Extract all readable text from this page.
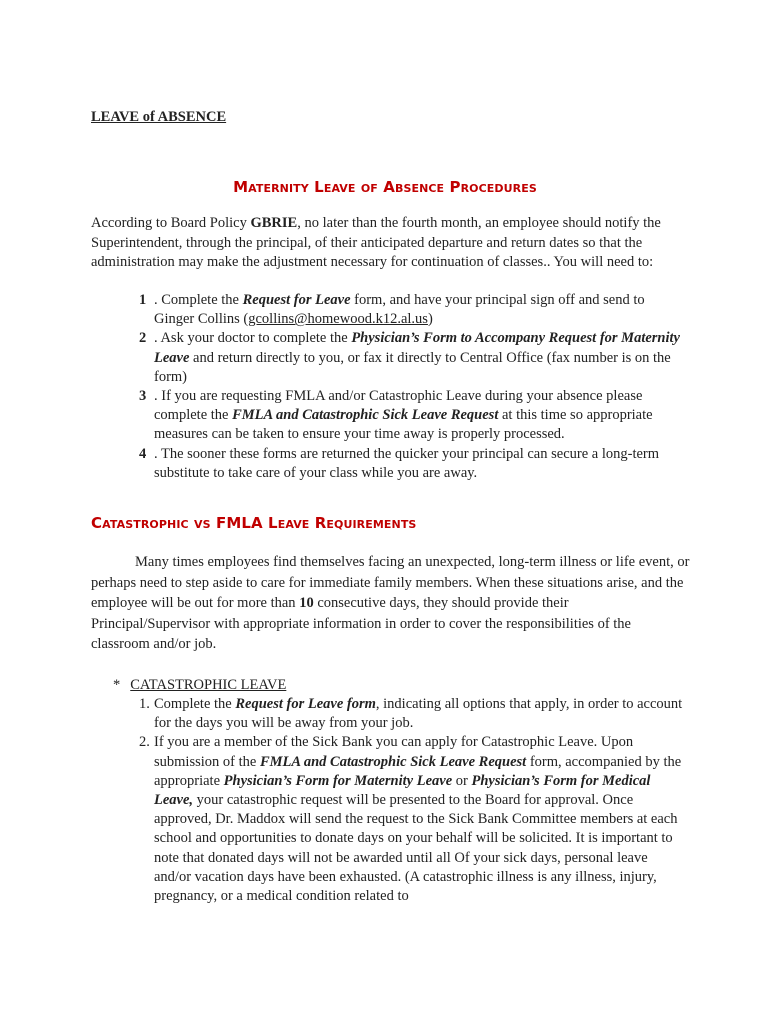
LEAVE of ABSENCE
Maternity Leave of Absence Procedures

According to Board Policy GBRIE, no later than the fourth month, an employee should notify the Superintendent, through the principal, of their anticipated departure and return dates so that the administration may make the adjustment necessary for continuation of classes.. You will need to:

1 . Complete the Request for Leave form, and have your principal sign off and send to Ginger Collins (gcollins@homewood.k12.al.us)
2 . Ask your doctor to complete the Physician’s Form to Accompany Request for Maternity Leave and return directly to you, or fax it directly to Central Office (fax number is on the form)
3 . If you are requesting FMLA and/or Catastrophic Leave during your absence please complete the FMLA and Catastrophic Sick Leave Request at this time so appropriate measures can be taken to ensure your time away is properly processed.
4 . The sooner these forms are returned the quicker your principal can secure a long-term substitute to take care of your class while you are away.
Catastrophic vs FMLA Leave Requirements

Many times employees find themselves facing an unexpected, long-term illness or life event, or perhaps need to step aside to care for immediate family members. When these situations arise, and the employee will be out for more than 10 consecutive days, they should provide their Principal/Supervisor with appropriate information in order to cover the responsibilities of the classroom and/or job.

* CATASTROPHIC LEAVE
1. Complete the Request for Leave form, indicating all options that apply, in order to account for the days you will be away from your job.
2. If you are a member of the Sick Bank you can apply for Catastrophic Leave. Upon submission of the FMLA and Catastrophic Sick Leave Request form, accompanied by the appropriate Physician’s Form for Maternity Leave or Physician’s Form for Medical Leave, your catastrophic request will be presented to the Board for approval. Once approved, Dr. Maddox will send the request to the Sick Bank Committee members at each school and opportunities to donate days on your behalf will be solicited. It is important to note that donated days will not be awarded until all Of your sick days, personal leave and/or vacation days have been exhausted. (A catastrophic illness is any illness, injury, pregnancy, or a medical condition related to
